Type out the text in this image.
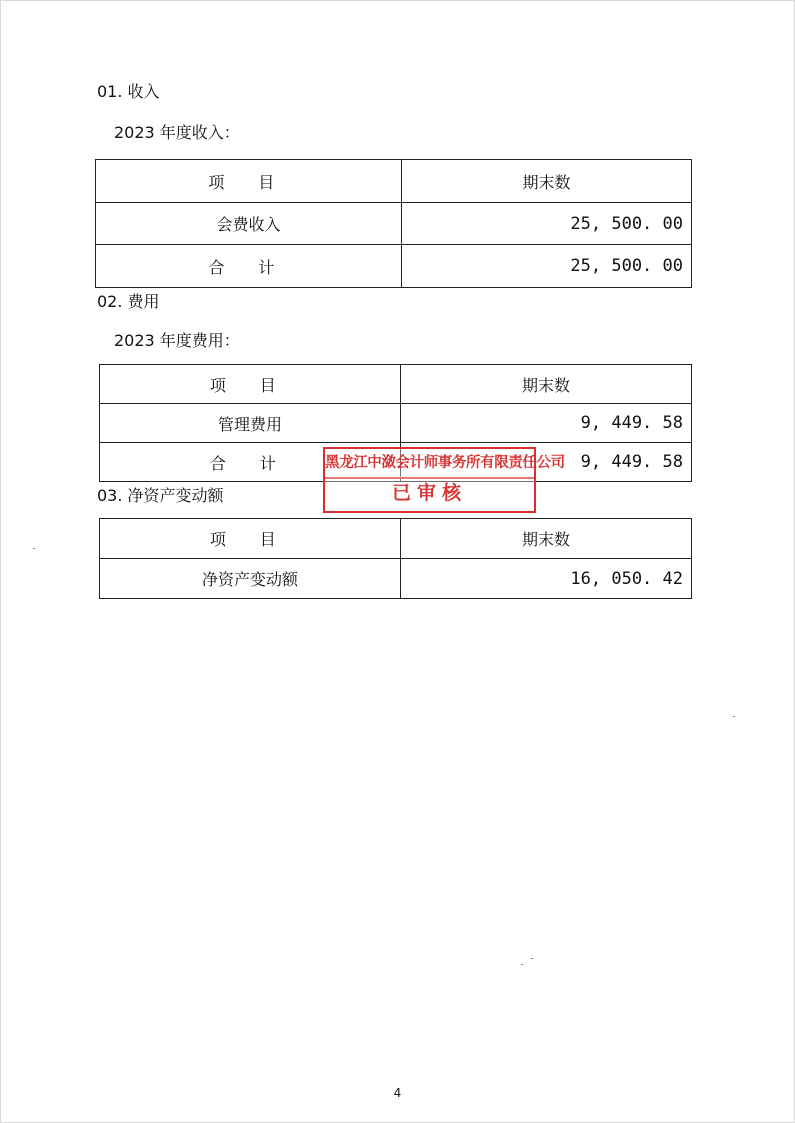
01. 收入
2023 年度收入：
项 目	期末数
会费收入	25, 500. 00
合 计	25, 500. 00
02. 费用
2023 年度费用：
项 目	期末数
管理费用	9, 449. 58
合 计	9, 449. 58
03. 净资产变动额
项 目	期末数
净资产变动额	16, 050. 42
黑龙江中潋会计师事务所有限责任公司
已审核
4
